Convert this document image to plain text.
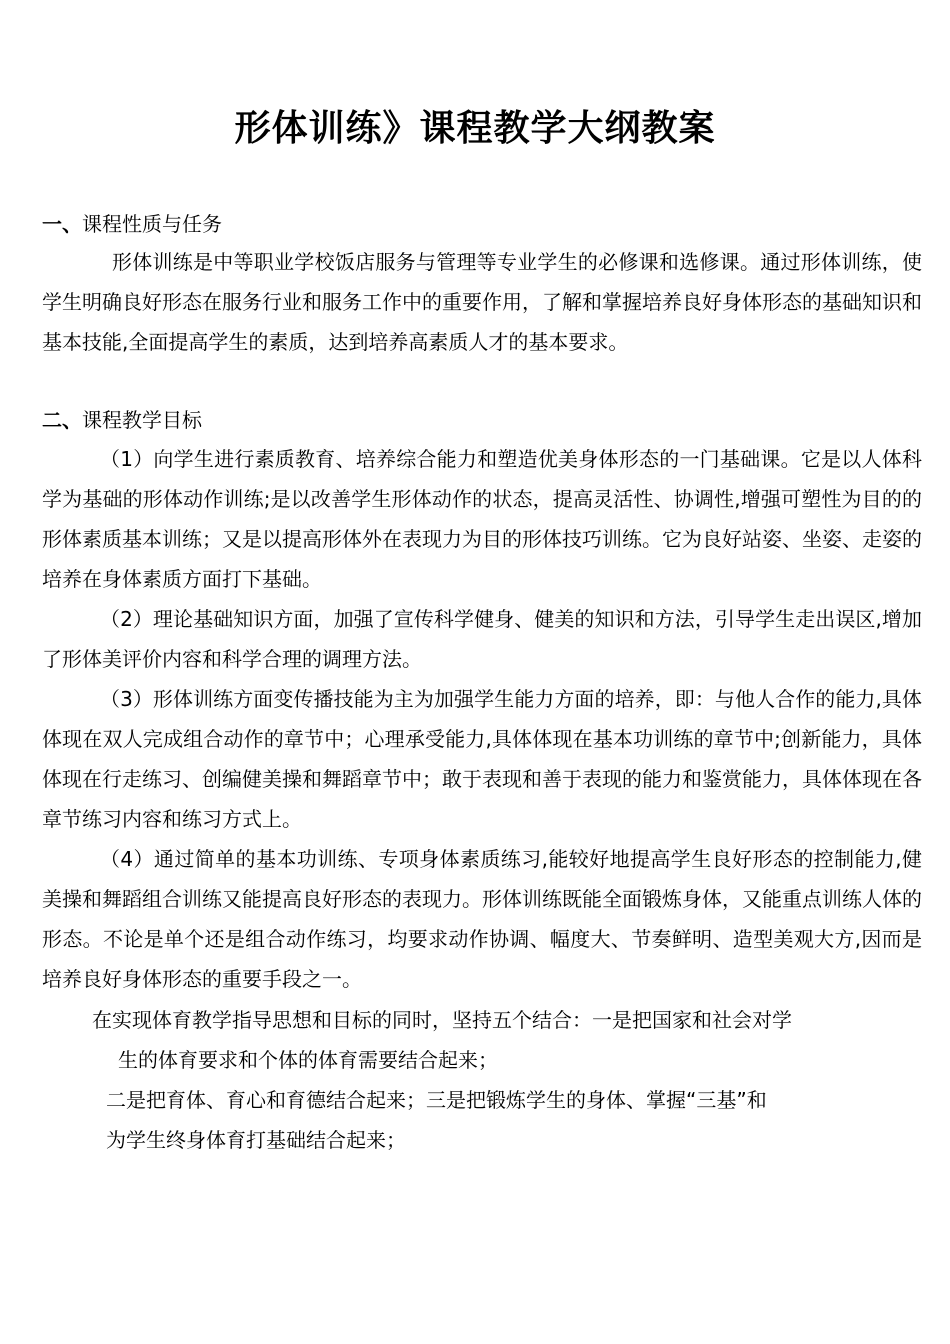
形体训练》课程教学大纲教案
一、课程性质与任务
形体训练是中等职业学校饭店服务与管理等专业学生的必修课和选修课。通过形体训练，使学生明确良好形态在服务行业和服务工作中的重要作用，了解和掌握培养良好身体形态的基础知识和基本技能,全面提高学生的素质，达到培养高素质人才的基本要求。
二、课程教学目标
（1）向学生进行素质教育、培养综合能力和塑造优美身体形态的一门基础课。它是以人体科学为基础的形体动作训练;是以改善学生形体动作的状态，提高灵活性、协调性,增强可塑性为目的的形体素质基本训练；又是以提高形体外在表现力为目的形体技巧训练。它为良好站姿、坐姿、走姿的培养在身体素质方面打下基础。
（2）理论基础知识方面，加强了宣传科学健身、健美的知识和方法，引导学生走出误区,增加了形体美评价内容和科学合理的调理方法。
（3）形体训练方面变传播技能为主为加强学生能力方面的培养，即：与他人合作的能力,具体体现在双人完成组合动作的章节中；心理承受能力,具体体现在基本功训练的章节中;创新能力，具体体现在行走练习、创编健美操和舞蹈章节中；敢于表现和善于表现的能力和鉴赏能力，具体体现在各章节练习内容和练习方式上。
（4）通过简单的基本功训练、专项身体素质练习,能较好地提高学生良好形态的控制能力,健美操和舞蹈组合训练又能提高良好形态的表现力。形体训练既能全面锻炼身体，又能重点训练人体的形态。不论是单个还是组合动作练习，均要求动作协调、幅度大、节奏鲜明、造型美观大方,因而是培养良好身体形态的重要手段之一。
在实现体育教学指导思想和目标的同时，坚持五个结合：一是把国家和社会对学
生的体育要求和个体的体育需要结合起来；
二是把育体、育心和育德结合起来；三是把锻炼学生的身体、掌握“三基”和
为学生终身体育打基础结合起来；
